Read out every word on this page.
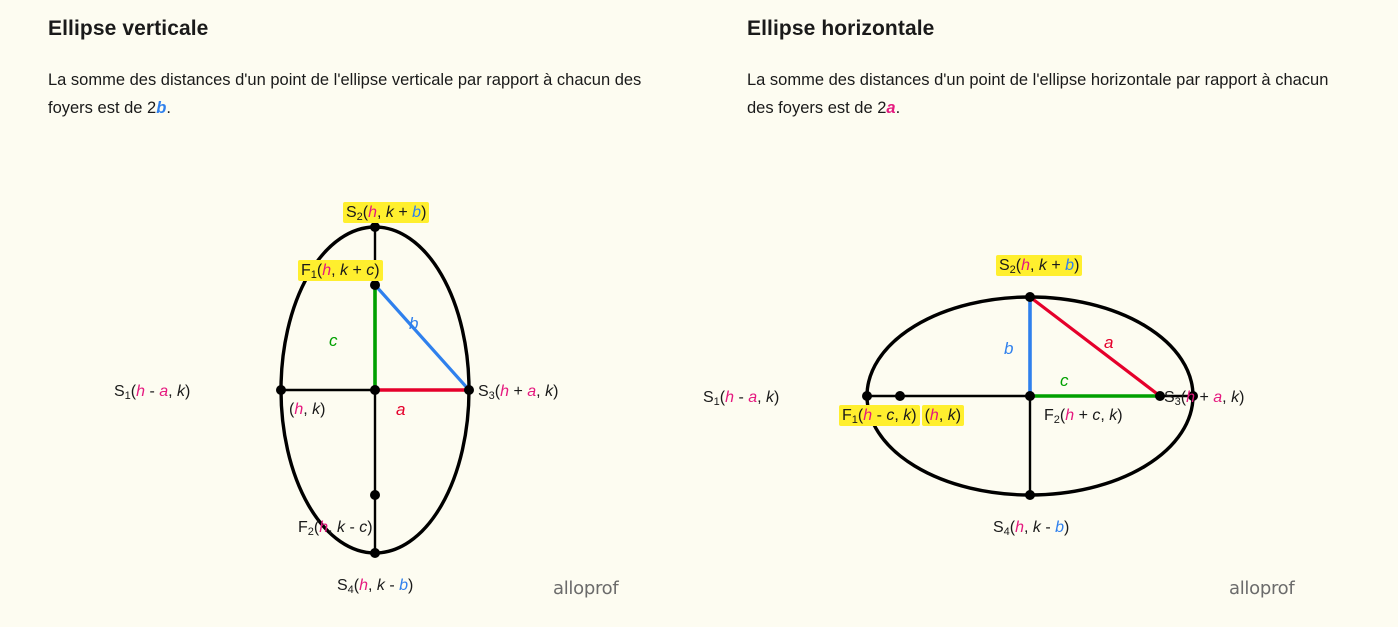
Ellipse verticale
La somme des distances d'un point de l'ellipse verticale par rapport à chacun des foyers est de 2b.
$S_2(h$, k + b)
$F_1(h$, k + c)
$S_1(h$ - a, k)	$S_3(h + a$, k)
(h, k)
$F_2(h$, k - c)
$S_4(h$, k - b)
c
b
a
alloprof
Ellipse horizontale
La somme des distances d'un point de l'ellipse horizontale par rapport à chacun des foyers est de 2a.
$S_2(h$, k + b)
$S_1(h$ - a, k)	$S_3(h + a$, k)
$F_1(h$ - c, k) (h, k)	$F_2(h + c$, k)
$S_4(h$, k - b)
b	a
c
alloprof
